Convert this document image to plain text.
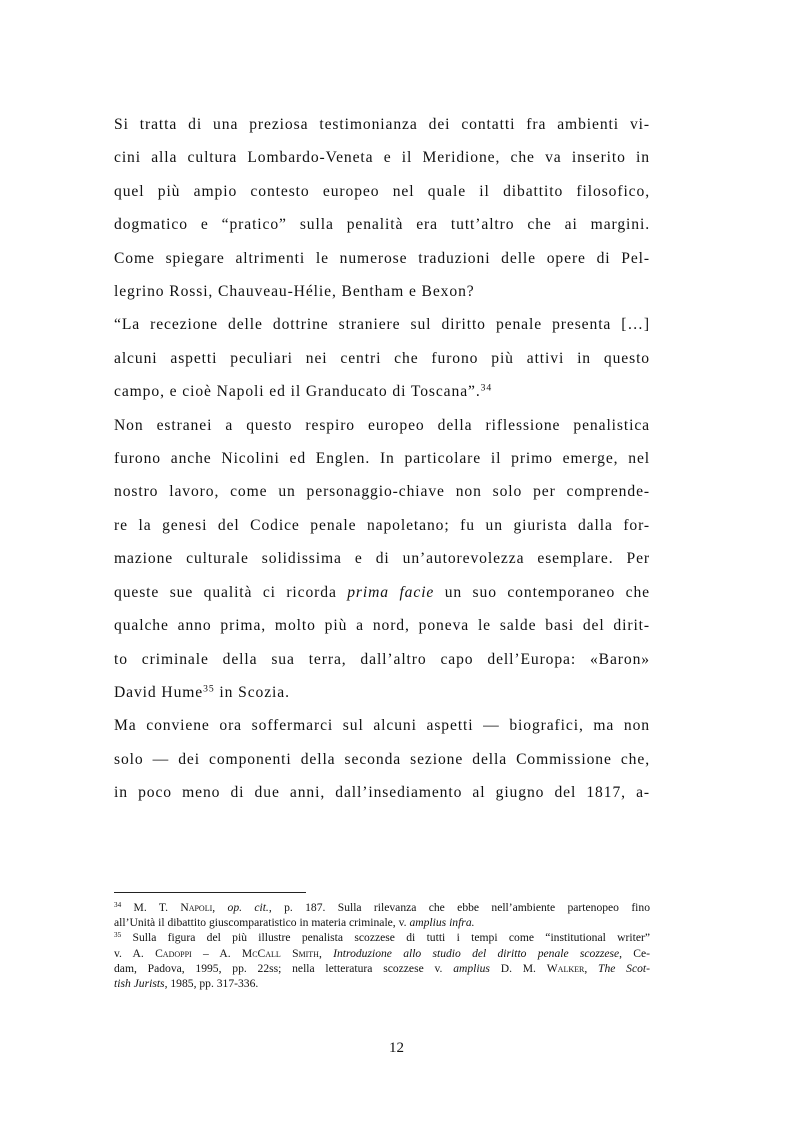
Si tratta di una preziosa testimonianza dei contatti fra ambienti vi-
cini alla cultura Lombardo-Veneta e il Meridione, che va inserito in
quel più ampio contesto europeo nel quale il dibattito filosofico,
dogmatico e “pratico” sulla penalità era tutt’altro che ai margini.
Come spiegare altrimenti le numerose traduzioni delle opere di Pel-
legrino Rossi, Chauveau-Hélie, Bentham e Bexon?
“La recezione delle dottrine straniere sul diritto penale presenta […]
alcuni aspetti peculiari nei centri che furono più attivi in questo
campo, e cioè Napoli ed il Granducato di Toscana”.$^{34}$
Non estranei a questo respiro europeo della riflessione penalistica
furono anche Nicolini ed Englen. In particolare il primo emerge, nel
nostro lavoro, come un personaggio-chiave non solo per comprende-
re la genesi del Codice penale napoletano; fu un giurista dalla for-
mazione culturale solidissima e di un’autorevolezza esemplare. Per
queste sue qualità ci ricorda prima facie un suo contemporaneo che
qualche anno prima, molto più a nord, poneva le salde basi del dirit-
to criminale della sua terra, dall’altro capo dell’Europa: «Baron»
David Hume$^{35}$ in Scozia.
Ma conviene ora soffermarci sul alcuni aspetti — biografici, ma non
solo — dei componenti della seconda sezione della Commissione che,
in poco meno di due anni, dall’insediamento al giugno del 1817, a-
$^{34}$ M. T. Napoli, op. cit., p. 187. Sulla rilevanza che ebbe nell’ambiente partenopeo fino
all’Unità il dibattito giuscomparatistico in materia criminale, v. amplius infra.
$^{35}$ Sulla figura del più illustre penalista scozzese di tutti i tempi come “institutional writer”
v. A. Cadoppi – A. McCall Smith, Introduzione allo studio del diritto penale scozzese, Ce-
dam, Padova, 1995, pp. 22ss; nella letteratura scozzese v. amplius D. M. Walker, The Scot-
tish Jurists, 1985, pp. 317-336.
12
